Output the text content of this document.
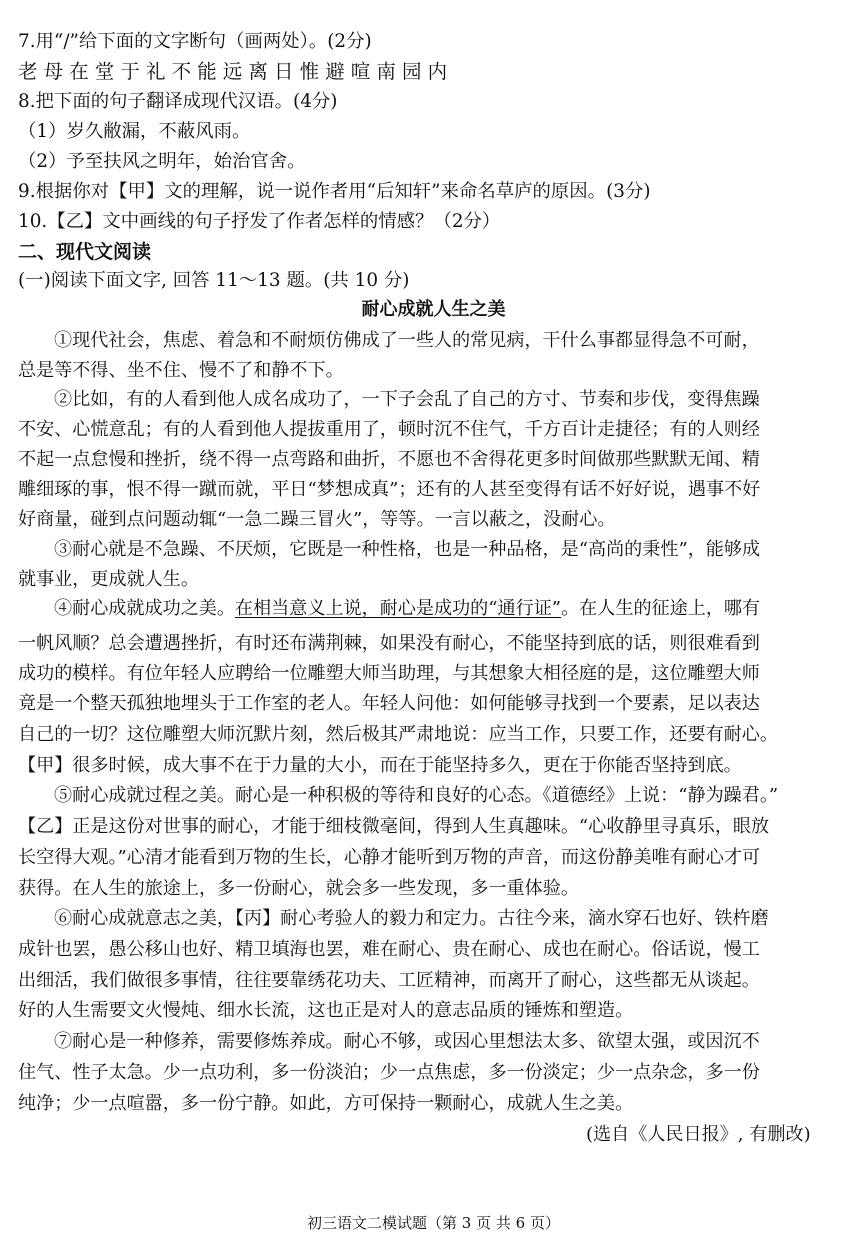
7.用“/”给下面的文字断句（画两处）。(2分)
老母在堂于礼不能远离日惟避喧南园内
8.把下面的句子翻译成现代汉语。(4分)
（1）岁久敝漏，不蔽风雨。
（2）予至扶风之明年，始治官舍。
9.根据你对【甲】文的理解，说一说作者用“后知轩”来命名草庐的原因。(3分)
10.【乙】文中画线的句子抒发了作者怎样的情感？（2分）
二、现代文阅读
(一)阅读下面文字, 回答 11～13 题。(共 10 分)
耐心成就人生之美
①现代社会，焦虑、着急和不耐烦仿佛成了一些人的常见病，干什么事都显得急不可耐，
总是等不得、坐不住、慢不了和静不下。
②比如，有的人看到他人成名成功了，一下子会乱了自己的方寸、节奏和步伐，变得焦躁
不安、心慌意乱；有的人看到他人提拔重用了，顿时沉不住气，千方百计走捷径；有的人则经
不起一点怠慢和挫折，绕不得一点弯路和曲折，不愿也不舍得花更多时间做那些默默无闻、精
雕细琢的事，恨不得一蹴而就，平日“梦想成真”；还有的人甚至变得有话不好好说，遇事不好
好商量，碰到点问题动辄“一急二躁三冒火”，等等。一言以蔽之，没耐心。
③耐心就是不急躁、不厌烦，它既是一种性格，也是一种品格，是“高尚的秉性”，能够成
就事业，更成就人生。
④耐心成就成功之美。在相当意义上说，耐心是成功的“通行证”。在人生的征途上，哪有
一帆风顺？总会遭遇挫折，有时还布满荆棘，如果没有耐心，不能坚持到底的话，则很难看到
成功的模样。有位年轻人应聘给一位雕塑大师当助理，与其想象大相径庭的是，这位雕塑大师
竟是一个整天孤独地埋头于工作室的老人。年轻人问他：如何能够寻找到一个要素，足以表达
自己的一切？这位雕塑大师沉默片刻，然后极其严肃地说：应当工作，只要工作，还要有耐心。
【甲】很多时候，成大事不在于力量的大小，而在于能坚持多久，更在于你能否坚持到底。
⑤耐心成就过程之美。耐心是一种积极的等待和良好的心态。《道德经》上说：“静为躁君。”
【乙】正是这份对世事的耐心，才能于细枝微毫间，得到人生真趣味。“心收静里寻真乐，眼放
长空得大观。”心清才能看到万物的生长，心静才能听到万物的声音，而这份静美唯有耐心才可
获得。在人生的旅途上，多一份耐心，就会多一些发现，多一重体验。
⑥耐心成就意志之美，【丙】耐心考验人的毅力和定力。古往今来，滴水穿石也好、铁杵磨
成针也罢，愚公移山也好、精卫填海也罢，难在耐心、贵在耐心、成也在耐心。俗话说，慢工
出细活，我们做很多事情，往往要靠绣花功夫、工匠精神，而离开了耐心，这些都无从谈起。
好的人生需要文火慢炖、细水长流，这也正是对人的意志品质的锤炼和塑造。
⑦耐心是一种修养，需要修炼养成。耐心不够，或因心里想法太多、欲望太强，或因沉不
住气、性子太急。少一点功利，多一份淡泊；少一点焦虑，多一份淡定；少一点杂念，多一份
纯净；少一点喧嚣，多一份宁静。如此，方可保持一颗耐心，成就人生之美。
(选自《人民日报》, 有删改)
初三语文二模试题（第 3 页 共 6 页）
